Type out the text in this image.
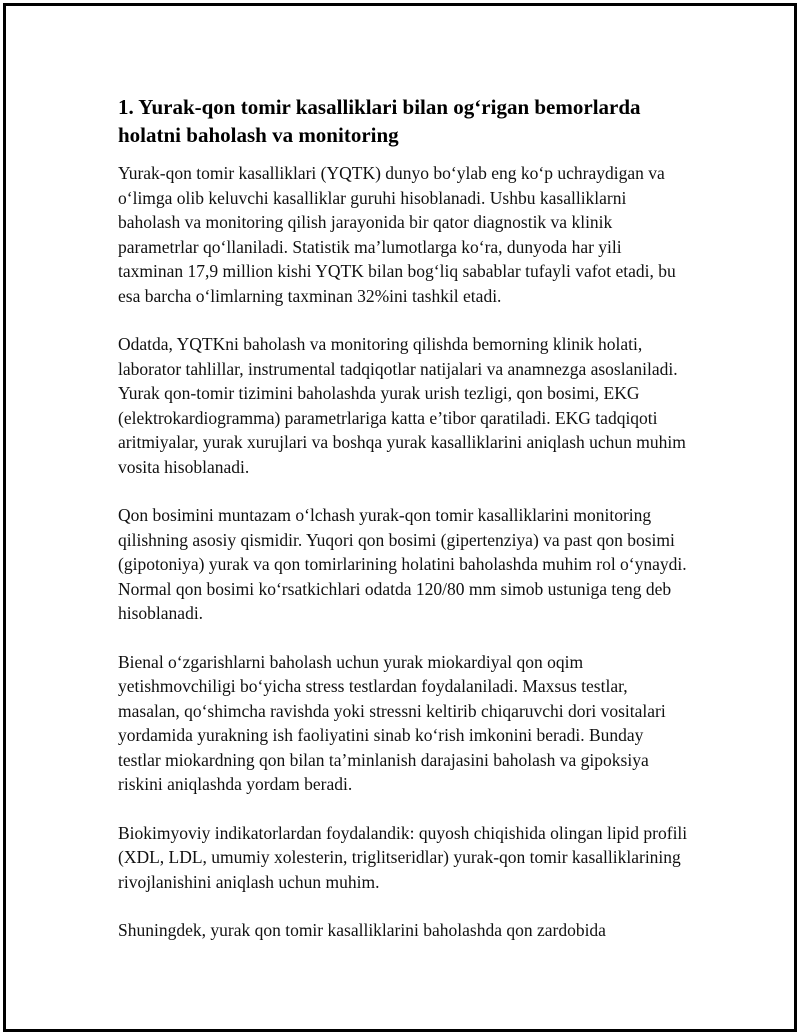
1. Yurak-qon tomir kasalliklari bilan og‘rigan bemorlarda holatni baholash va monitoring

Yurak-qon tomir kasalliklari (YQTK) dunyo bo‘ylab eng ko‘p uchraydigan va o‘limga olib keluvchi kasalliklar guruhi hisoblanadi. Ushbu kasalliklarni baholash va monitoring qilish jarayonida bir qator diagnostik va klinik parametrlar qo‘llaniladi. Statistik ma’lumotlarga ko‘ra, dunyoda har yili taxminan 17,9 million kishi YQTK bilan bog‘liq sabablar tufayli vafot etadi, bu esa barcha o‘limlarning taxminan 32%ini tashkil etadi.

Odatda, YQTKni baholash va monitoring qilishda bemorning klinik holati, laborator tahlillar, instrumental tadqiqotlar natijalari va anamnezga asoslaniladi. Yurak qon-tomir tizimini baholashda yurak urish tezligi, qon bosimi, EKG (elektrokardiogramma) parametrlariga katta e’tibor qaratiladi. EKG tadqiqoti aritmiyalar, yurak xurujlari va boshqa yurak kasalliklarini aniqlash uchun muhim vosita hisoblanadi.

Qon bosimini muntazam o‘lchash yurak-qon tomir kasalliklarini monitoring qilishning asosiy qismidir. Yuqori qon bosimi (gipertenziya) va past qon bosimi (gipotoniya) yurak va qon tomirlarining holatini baholashda muhim rol o‘ynaydi. Normal qon bosimi ko‘rsatkichlari odatda 120/80 mm simob ustuniga teng deb hisoblanadi.

Bienal o‘zgarishlarni baholash uchun yurak miokardiyal qon oqim yetishmovchiligi bo‘yicha stress testlardan foydalaniladi. Maxsus testlar, masalan, qo‘shimcha ravishda yoki stressni keltirib chiqaruvchi dori vositalari yordamida yurakning ish faoliyatini sinab ko‘rish imkonini beradi. Bunday testlar miokardning qon bilan ta’minlanish darajasini baholash va gipoksiya riskini aniqlashda yordam beradi.

Biokimyoviy indikatorlardan foydalandik: quyosh chiqishida olingan lipid profili (XDL, LDL, umumiy xolesterin, triglitseridlar) yurak-qon tomir kasalliklarining rivojlanishini aniqlash uchun muhim.

Shuningdek, yurak qon tomir kasalliklarini baholashda qon zardobida
